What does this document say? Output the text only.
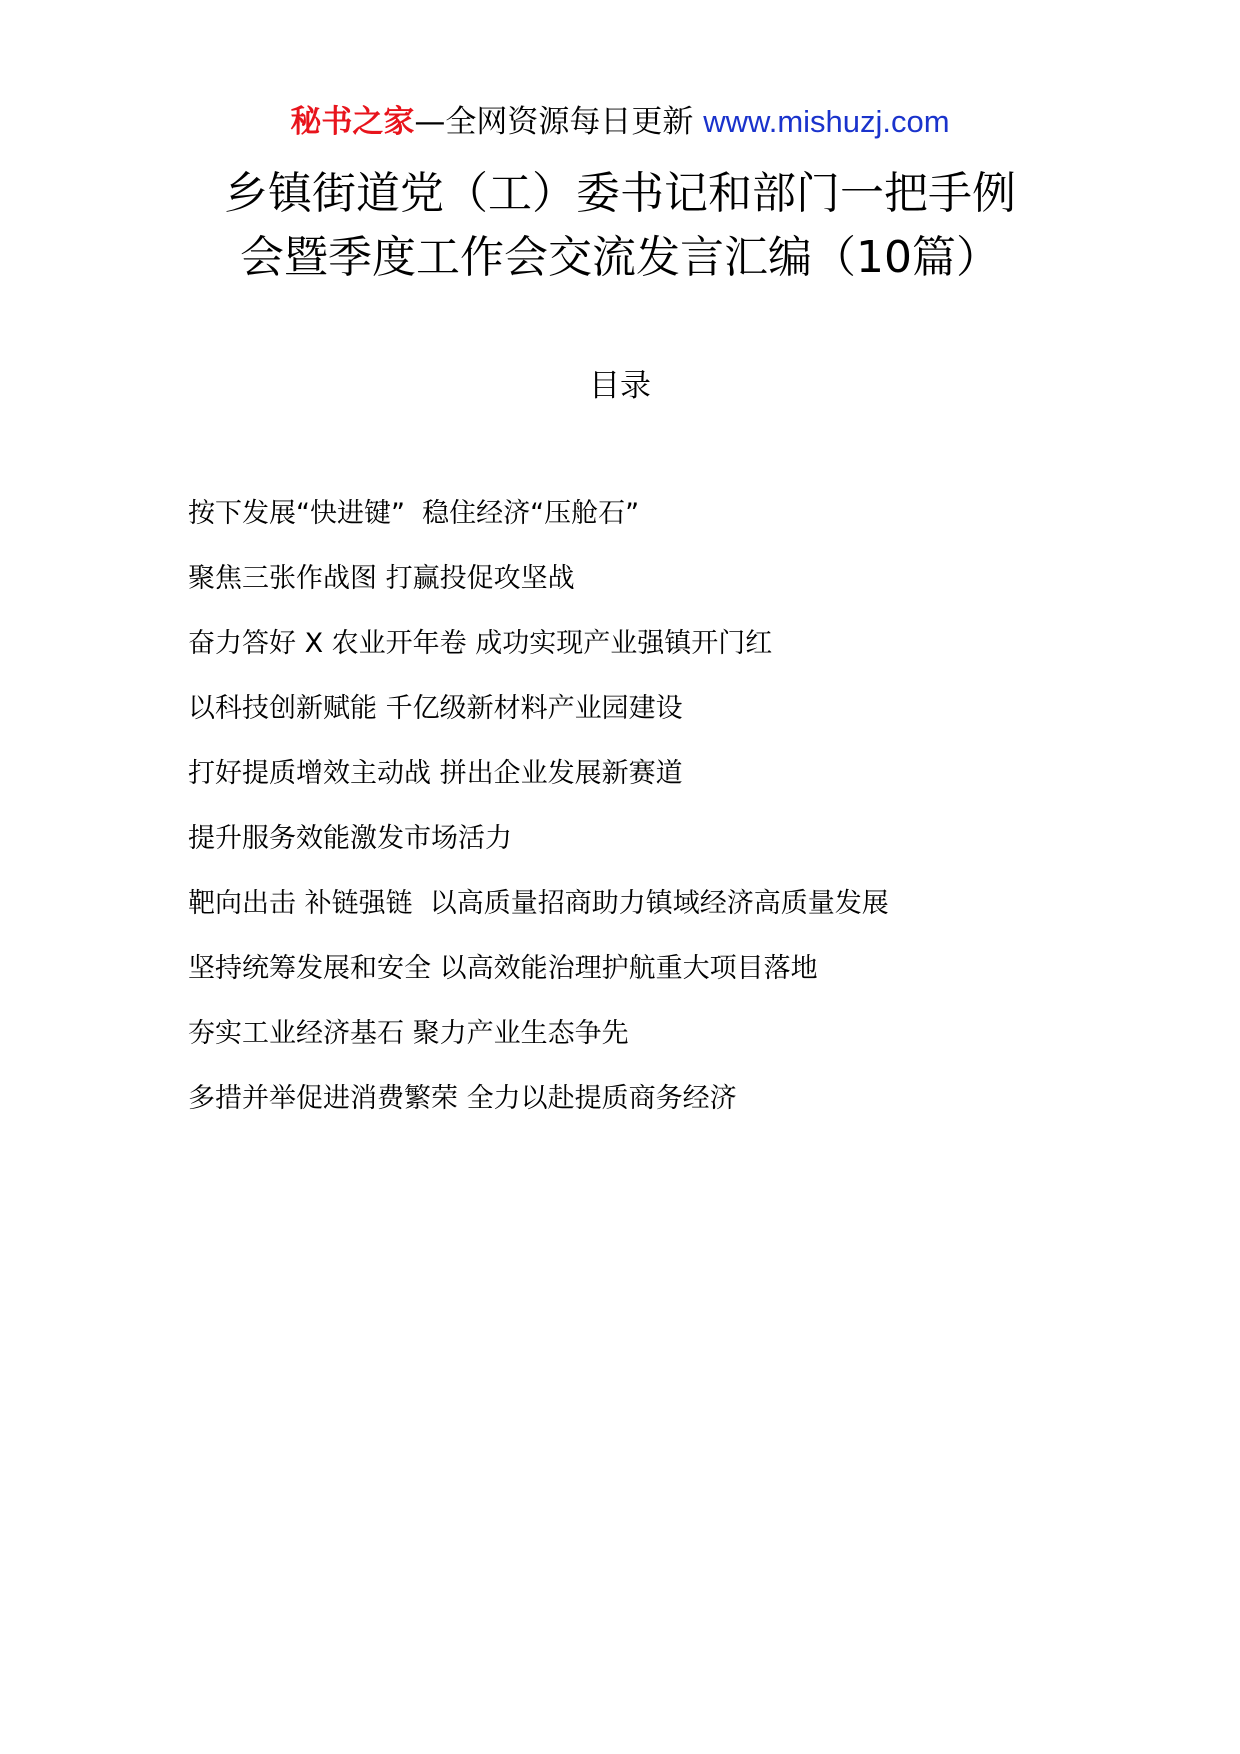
秘书之家—全网资源每日更新 www.mishuzj.com
乡镇街道党（工）委书记和部门一把手例
会暨季度工作会交流发言汇编（10篇）
目录
按下发展“快进键”  稳住经济“压舱石”
聚焦三张作战图 打赢投促攻坚战
奋力答好 X 农业开年卷 成功实现产业强镇开门红
以科技创新赋能 千亿级新材料产业园建设
打好提质增效主动战 拼出企业发展新赛道
提升服务效能激发市场活力
靶向出击 补链强链  以高质量招商助力镇域经济高质量发展
坚持统筹发展和安全 以高效能治理护航重大项目落地
夯实工业经济基石 聚力产业生态争先
多措并举促进消费繁荣 全力以赴提质商务经济
